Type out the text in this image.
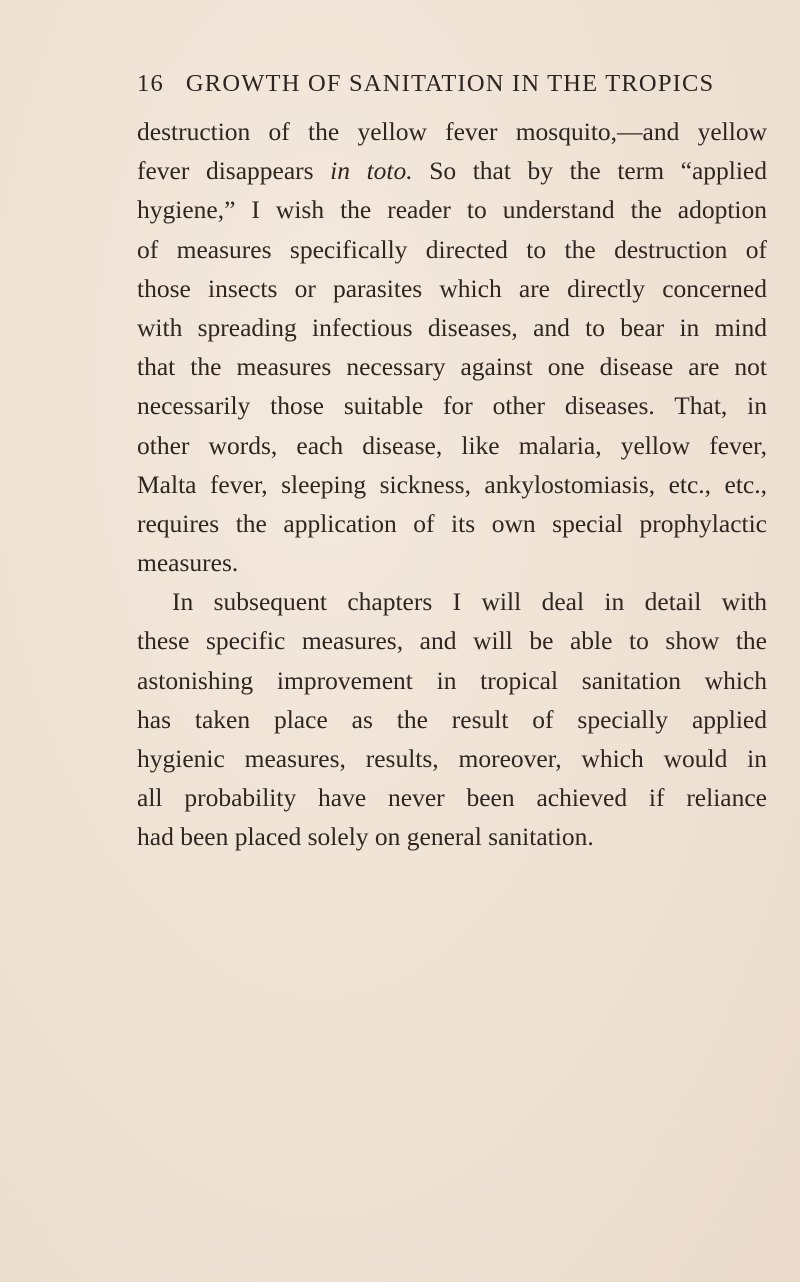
16 GROWTH OF SANITATION IN THE TROPICS
destruction of the yellow fever mosquito,—and yellow
fever disappears in toto. So that by the term “applied
hygiene,” I wish the reader to understand the adoption
of measures specifically directed to the destruction of
those insects or parasites which are directly concerned
with spreading infectious diseases, and to bear in mind
that the measures necessary against one disease are not
necessarily those suitable for other diseases. That, in
other words, each disease, like malaria, yellow fever,
Malta fever, sleeping sickness, ankylostomiasis, etc., etc.,
requires the application of its own special prophylactic
measures.
In subsequent chapters I will deal in detail with
these specific measures, and will be able to show the
astonishing improvement in tropical sanitation which
has taken place as the result of specially applied
hygienic measures, results, moreover, which would in
all probability have never been achieved if reliance
had been placed solely on general sanitation.
